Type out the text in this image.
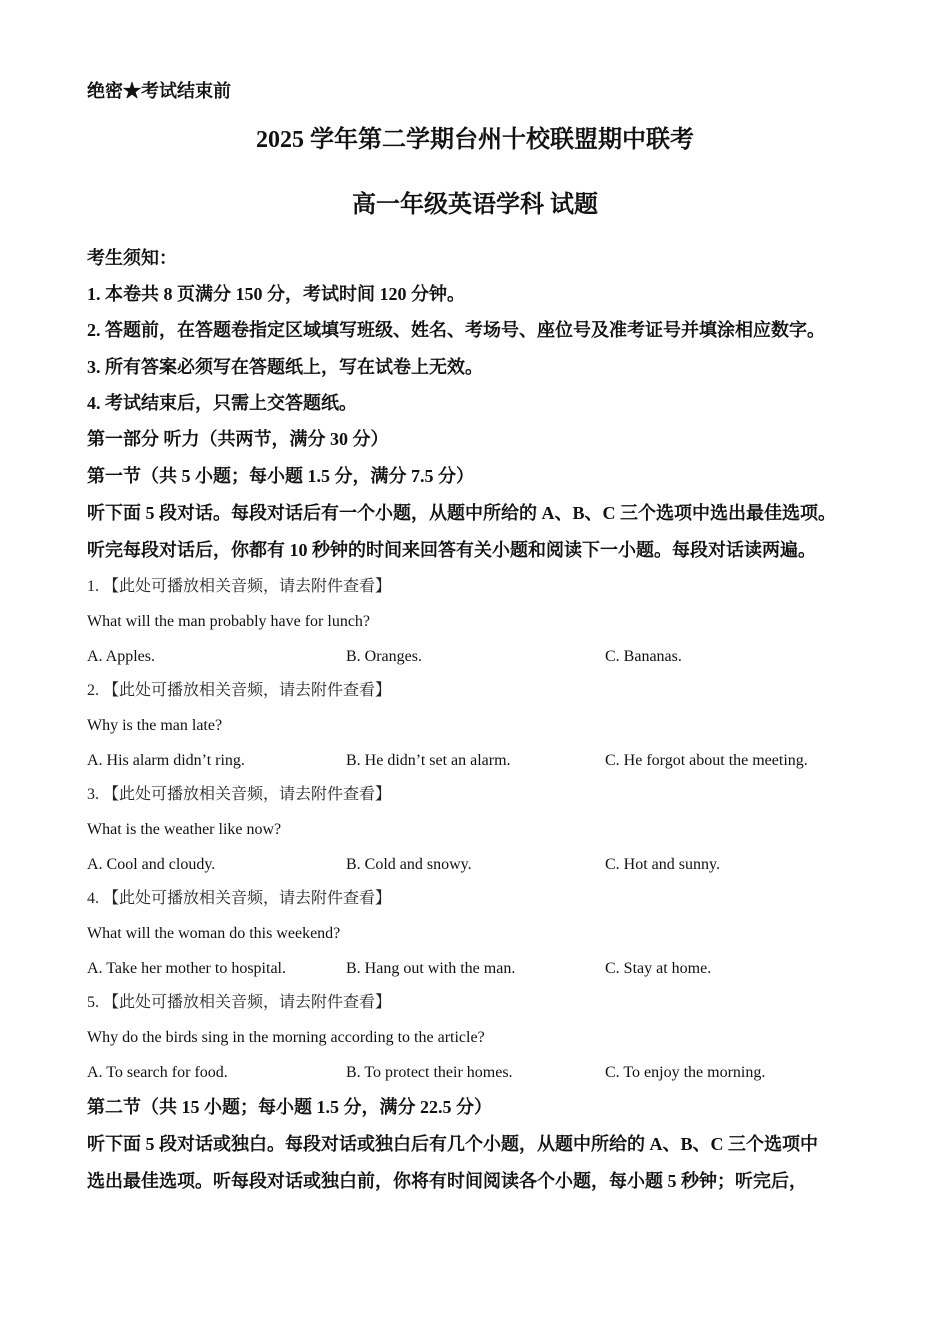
绝密★考试结束前
2025 学年第二学期台州十校联盟期中联考
高一年级英语学科 试题
考生须知：
1. 本卷共 8 页满分 150 分，考试时间 120 分钟。
2. 答题前，在答题卷指定区域填写班级、姓名、考场号、座位号及准考证号并填涂相应数字。
3. 所有答案必须写在答题纸上，写在试卷上无效。
4. 考试结束后，只需上交答题纸。
第一部分 听力（共两节，满分 30 分）
第一节（共 5 小题；每小题 1.5 分，满分 7.5 分）
听下面 5 段对话。每段对话后有一个小题，从题中所给的 A、B、C 三个选项中选出最佳选项。
听完每段对话后，你都有 10 秒钟的时间来回答有关小题和阅读下一小题。每段对话读两遍。
1. 【此处可播放相关音频，请去附件查看】
What will the man probably have for lunch?
A. Apples.	B. Oranges.	C. Bananas.
2. 【此处可播放相关音频，请去附件查看】
Why is the man late?
A. His alarm didn’t ring.	B. He didn’t set an alarm.	C. He forgot about the meeting.
3. 【此处可播放相关音频，请去附件查看】
What is the weather like now?
A. Cool and cloudy.	B. Cold and snowy.	C. Hot and sunny.
4. 【此处可播放相关音频，请去附件查看】
What will the woman do this weekend?
A. Take her mother to hospital.	B. Hang out with the man.	C. Stay at home.
5. 【此处可播放相关音频，请去附件查看】
Why do the birds sing in the morning according to the article?
A. To search for food.	B. To protect their homes.	C. To enjoy the morning.
第二节（共 15 小题；每小题 1.5 分，满分 22.5 分）
听下面 5 段对话或独白。每段对话或独白后有几个小题，从题中所给的 A、B、C 三个选项中
选出最佳选项。听每段对话或独白前，你将有时间阅读各个小题，每小题 5 秒钟；听完后，
